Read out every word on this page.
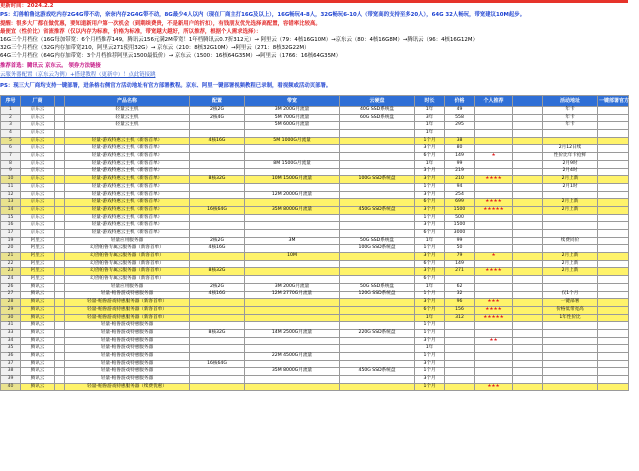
更新时间：2024.2.2
PS：幻兽帕鲁这游戏吃内存2G4G带不动，奈奈内存2G4G带不动，8G最少4人以内（现在厂商主打16G及以上），16G畅玩4-8人，32G畅玩6-10人（带宽高的支持至多20人），64G 32人畅玩，带宽建议10M起步。
提醒：很多大厂都在做优惠，要知道新用户第一次机会（到期续费贵，不是新用户的折扣），有钱朋友优先选择高配置，容错率比较高。
最便宜（性价比）省流推荐（仅以内存为标准，价格为标准，带宽越大越好，所以推荐，根据个人需求选择）：
16G三个月档位（16G每加带宽：6个月档推荐149，腾讯云156元满2M带宽！1年档腾讯云0.7折312元）→ 阿里云（79：4核16G10M）→京东云（80：4核16G8M）→腾讯云（96：4核16G12M）
32G三个月档位（32G内存加带宽210，阿里云271使用32G）→ 京东云（210：8核32G10M）→阿里云（271：8核32G22M）
64G三个月档位（64G内存加带宽：3个月档推荐阿里云1500最低价）→ 京东云（1500：16核64G35M）→阿里云（1766：16核64G35M）
推荐首选：腾讯云 京东云。 领券方法链接
云服务器配置（京东云为例）+搭建教程（更新中）！点此链接跳
PS：现三大厂商均支持一键部署，进条格右侧官方活动地址有官方部署教程。京东、阿里一键部署视频教程已录制，看视频或活动页部署。
序号	厂商		产品名称	配置	带宽	云硬盘	时长	价格	个人推荐		活动地址	一键部署官方教程
1	京东云		轻量云主机	2核2G	3M 200G月流量	40G SSD系统盘	1年	49			年卡	
2	京东云		轻量云主机	2核4G	5M 700G月流量	60G SSD系统盘	3年	558			年卡	
3	京东云		轻量云主机		5M 600G月流量		1年	295			年卡	
4	京东云						1年					
5	京东云		轻量-游戏特惠云主机（新客首单）	4核16G	5M 1000G月流量		1个月	38				
6	京东云		轻量-游戏特惠云主机（新客首单）				3个月	80			2月12日续	
7	京东云		轻量-游戏特惠云主机（新客首单）				6个月	149	★		性价比年卡抢鲜	
8	京东云		轻量-游戏特惠云主机（新客首单）		8M 1500G月流量		1年	99			2月9时	
9	京东云		轻量-游戏特惠云主机（新客首单）				3个月	219			2月4时	
10	京东云		轻量-游戏特惠云主机（新客首单）	8核32G	10M 1500G月流量	100G SSD系统盘	3个月	210	★★★★		2月上新	
11	京东云		轻量-游戏特惠云主机（新客首单）				1个月	94			2月1时	
12	京东云		轻量-游戏特惠云主机（新客首单）		12M 2000G月流量		3个月	254				
13	京东云		轻量-游戏特惠云主机（新客首单）				6个月	699	★★★★		2月上新	
14	京东云		轻量-游戏特惠云主机（新客首单）	16核64G	35M 8000G月流量	450G SSD系统盘	3个月	1500	★★★★★		2月上新	
15	京东云		轻量-游戏特惠云主机（新客首单）				1个月	500				
16	京东云		轻量-游戏特惠云主机（新客首单）				3个月	1500				
17	京东云		轻量-游戏特惠云主机（新客首单）				6个月	3000				
19	阿里云		轻量应用服务器	2核2G	3M	50G SSD系统盘	1年	99			续费同价	
20	阿里云		幻兽帕鲁专属云服务器（新客首单）	4核16G		100G SSD系统盘	1个月	50				
21	阿里云		幻兽帕鲁专属云服务器（新客首单）		10M		3个月	79	★		2月上新	
22	阿里云		幻兽帕鲁专属云服务器（新客首单）				6个月	149			2月上新	
23	阿里云		幻兽帕鲁专属云服务器（新客首单）	8核32G			3个月	271	★★★★		2月上新	
24	阿里云		幻兽帕鲁专属云服务器（新客首单）				6个月					
26	腾讯云		轻量应用服务器	2核2G	3M 200G月流量	50G SSD系统盘	1年	62				
27	腾讯云		轻量-帕鲁游戏特惠服务器	4核16G	12M 2770G月流量	120G SSD系统盘	1个月	32			仅1个月	
28	腾讯云		轻量-帕鲁游戏特惠服务器（新客首单）				3个月	96	★★★		一键部署	
29	腾讯云		轻量-帕鲁游戏特惠服务器（新客首单）				6个月	156	★★★★		价格低带宽高	
30	腾讯云		轻量-帕鲁游戏特惠服务器（新客首单）				1年	312	★★★★★		1年性价比	
31	腾讯云		轻量-帕鲁游戏特惠服务器				1个月					
33	腾讯云		轻量-帕鲁游戏特惠服务器	8核32G	14M 2500G月流量	220G SSD系统盘	1个月					
34	腾讯云		轻量-帕鲁游戏特惠服务器				3个月		★★			
35	腾讯云		轻量-帕鲁游戏特惠服务器				1年					
36	腾讯云		轻量-帕鲁游戏特惠服务器		22M 4500G月流量		1个月					
37	腾讯云		轻量-帕鲁游戏特惠服务器	16核64G			3个月					
38	腾讯云		轻量-帕鲁游戏特惠服务器		35M 8000G月流量	450G SSD系统盘	1个月					
39	腾讯云		轻量-帕鲁游戏特惠服务器				3个月					
40	腾讯云		轻量-帕鲁游戏特惠服务器（续费优惠）				1个月		★★★			
